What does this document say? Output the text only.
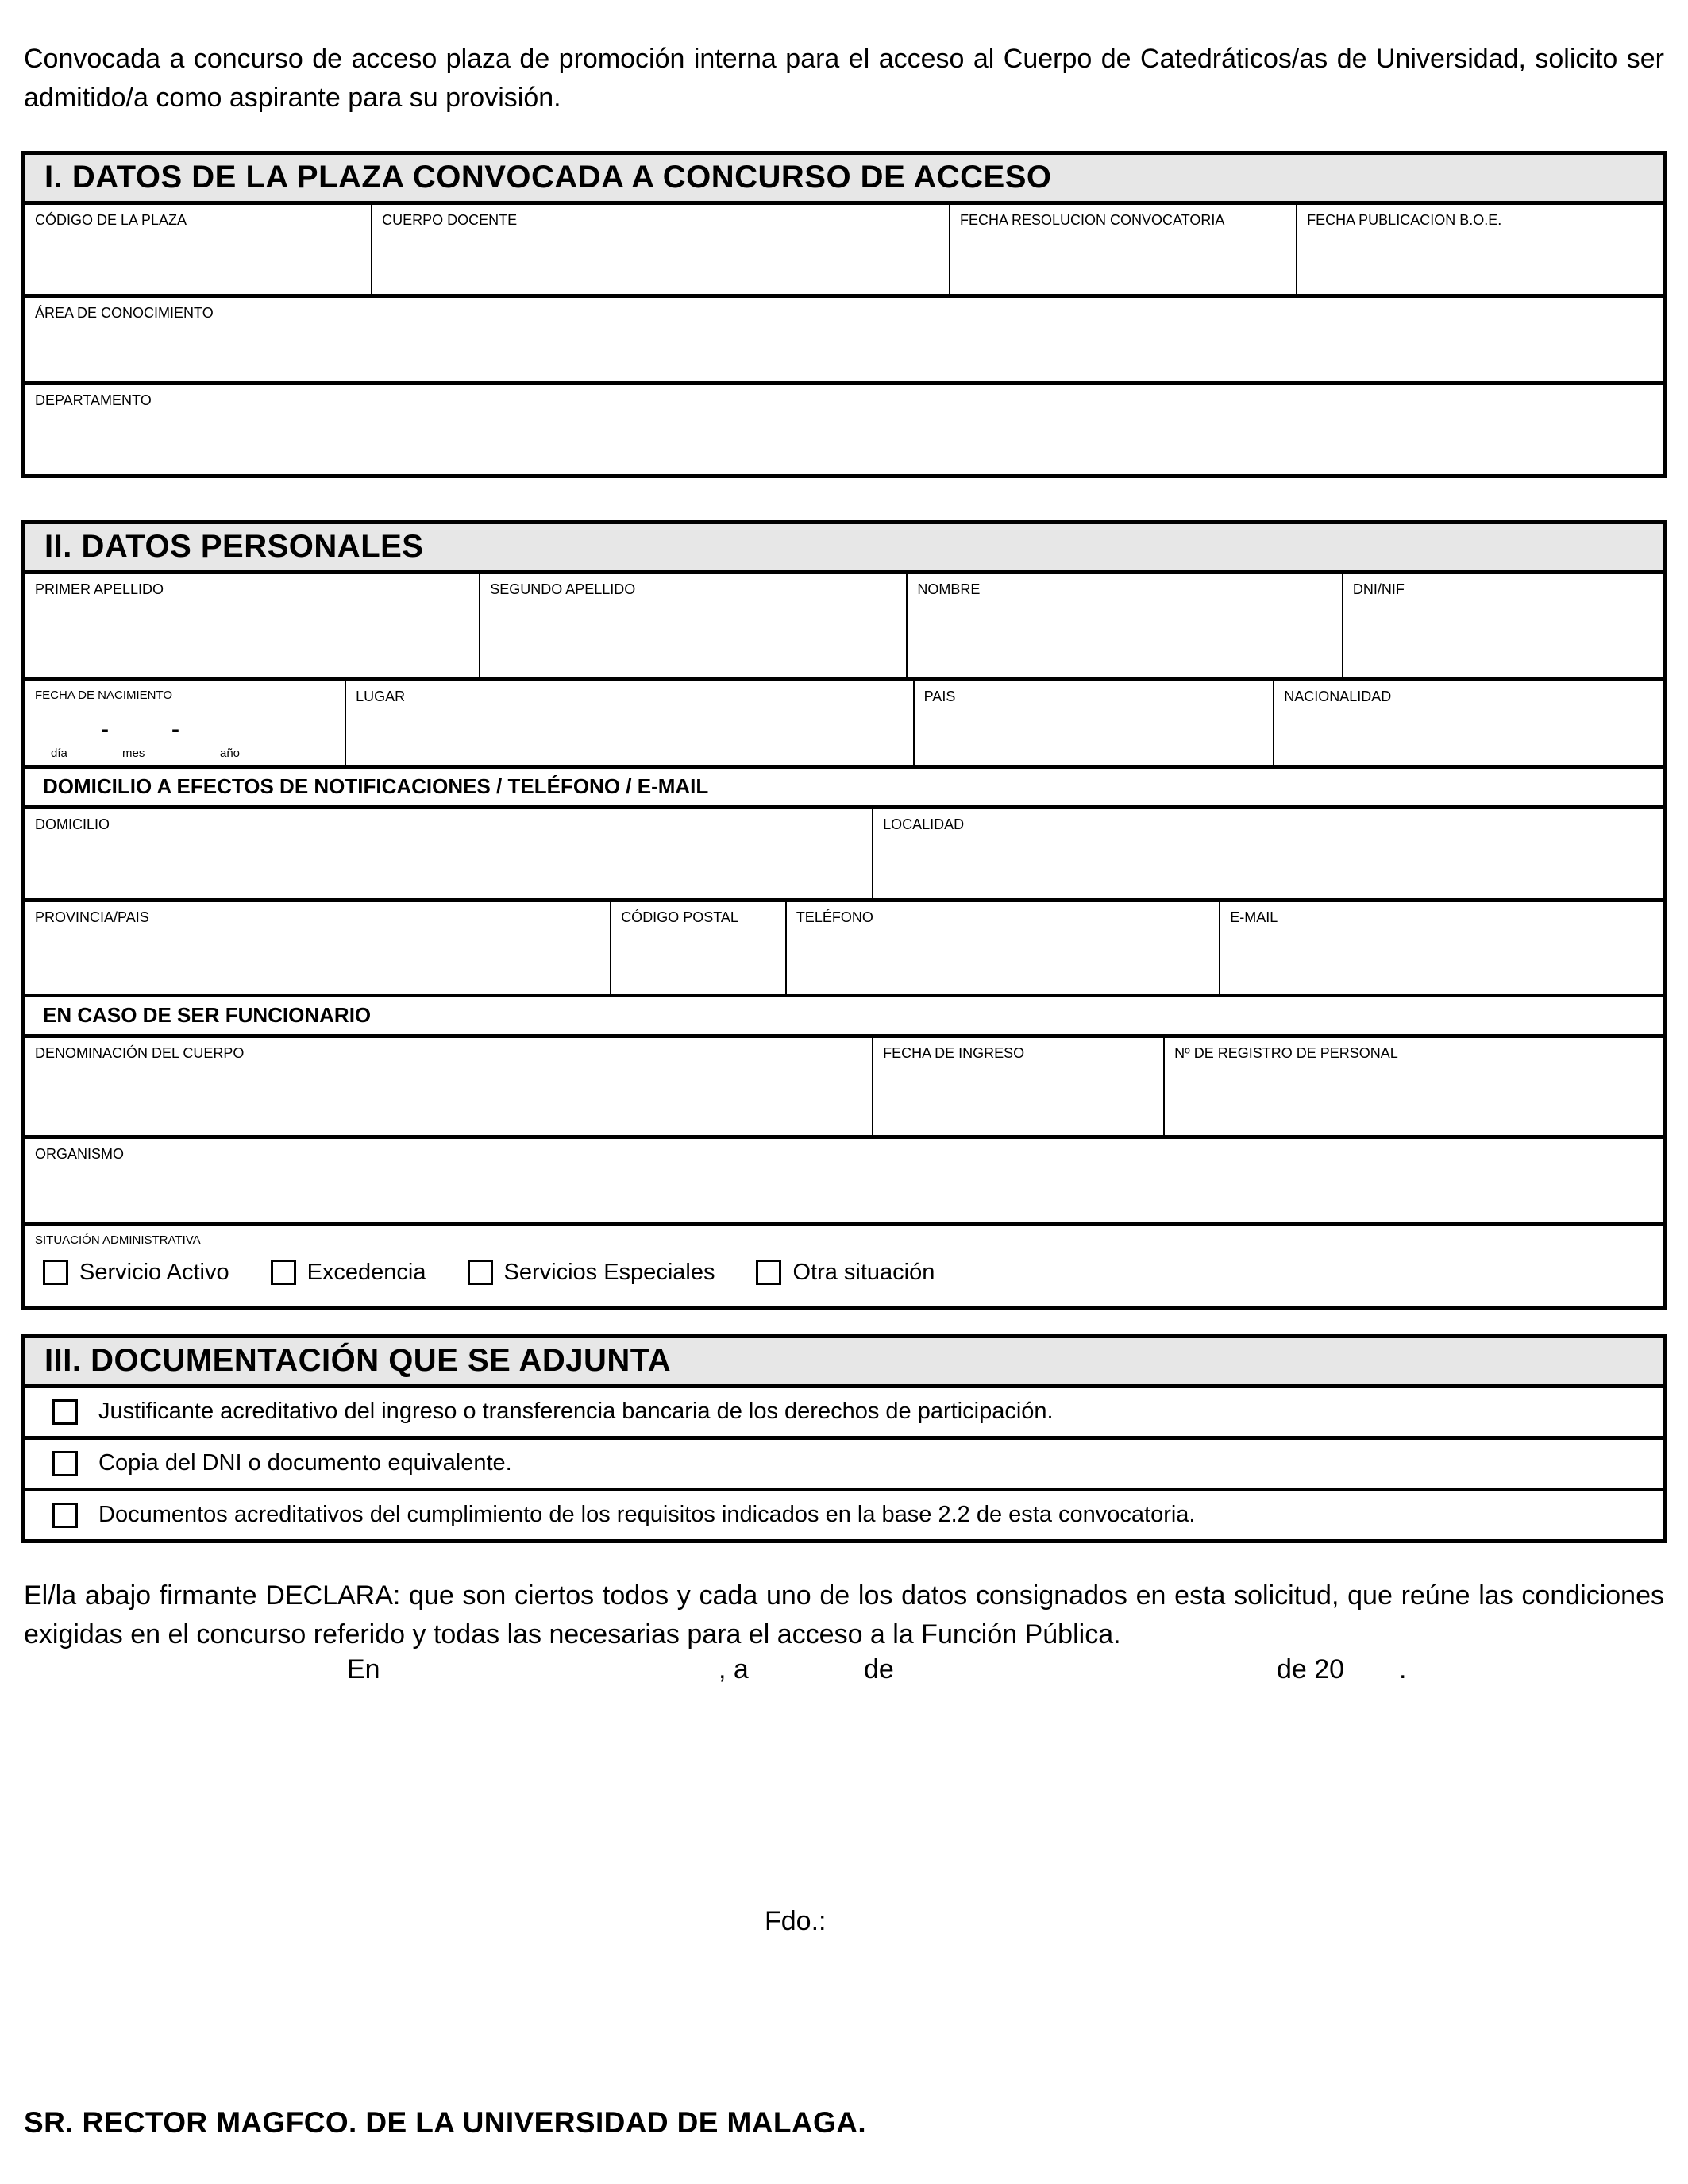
Convocada a concurso de acceso plaza de promoción interna para el acceso al Cuerpo de Catedráticos/as de Universidad, solicito ser admitido/a como aspirante para su provisión.

I. DATOS DE LA PLAZA CONVOCADA A CONCURSO DE ACCESO
CÓDIGO DE LA PLAZA	CUERPO DOCENTE	FECHA RESOLUCION CONVOCATORIA	FECHA PUBLICACION B.O.E.
ÁREA DE CONOCIMIENTO
DEPARTAMENTO
II. DATOS PERSONALES
PRIMER APELLIDO	SEGUNDO APELLIDO	NOMBRE	DNI/NIF
FECHA DE NACIMIENTO
-	-
día	mes	año
LUGAR	PAIS	NACIONALIDAD
DOMICILIO A EFECTOS DE NOTIFICACIONES / TELÉFONO / E-MAIL
DOMICILIO	LOCALIDAD
PROVINCIA/PAIS	CÓDIGO POSTAL	TELÉFONO	E-MAIL
EN CASO DE SER FUNCIONARIO
DENOMINACIÓN DEL CUERPO	FECHA DE INGRESO	Nº DE REGISTRO DE PERSONAL
ORGANISMO
SITUACIÓN ADMINISTRATIVA
Servicio Activo	Excedencia	Servicios Especiales	Otra situación
III. DOCUMENTACIÓN QUE SE ADJUNTA
Justificante acreditativo del ingreso o transferencia bancaria de los derechos de participación.
Copia del DNI o documento equivalente.
Documentos acreditativos del cumplimiento de los requisitos indicados en la base 2.2 de esta convocatoria.

El/la abajo firmante DECLARA: que son ciertos todos y cada uno de los datos consignados en esta solicitud, que reúne las condiciones exigidas en el concurso referido y todas las necesarias para el acceso a la Función Pública.

En	, a	de	de 20 .
Fdo.:
SR. RECTOR MAGFCO. DE LA UNIVERSIDAD DE MALAGA.
